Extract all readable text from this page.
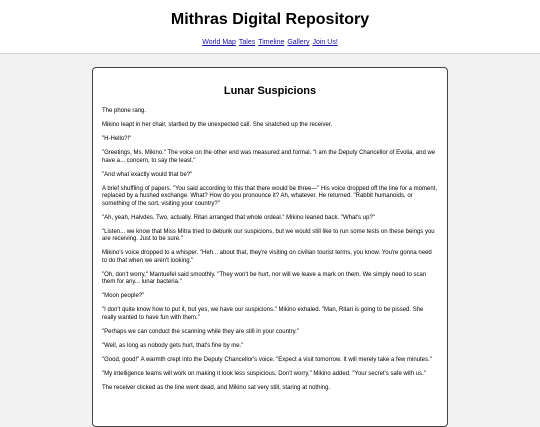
Mithras Digital Repository
World Map Tales Timeline Gallery Join Us!
Lunar Suspicions

The phone rang.

Mikino leapt in her chair, startled by the unexpected call. She snatched up the receiver.

"H-Hello?!"

"Greetings, Ms. Mikino." The voice on the other end was measured and formal. "I am the Deputy Chancellor of Evolia, and we have a... concern, to say the least."

"And what exactly would that be?"

A brief shuffling of papers. "You said according to this that there would be three—" His voice dropped off the line for a moment, replaced by a hushed exchange. What? How do you pronounce it? Ah, whatever. He returned. "Rabbit humanoids, or something of the sort, visiting your country?"

"Ah, yeah, Halvdes. Two, actually. Ritari arranged that whole ordeal." Mikino leaned back. "What's up?"

"Listen... we know that Miss Mitra tried to debunk our suspicions, but we would still like to run some tests on these beings you are receiving. Just to be sure."

Mikino's voice dropped to a whisper. "Heh... about that, they're visiting on civilian tourist terms, you know. You're gonna need to do that when we aren't looking."

"Oh, don't worry," Mantuefel said smoothly. "They won't be hurt, nor will we leave a mark on them. We simply need to scan them for any... lunar bacteria."

"Moon people?"

"I don't quite know how to put it, but yes, we have our suspicions." Mikino exhaled. "Man, Ritari is going to be pissed. She really wanted to have fun with them."

"Perhaps we can conduct the scanning while they are still in your country."

"Well, as long as nobody gets hurt, that's fine by me."

"Good, good!" A warmth crept into the Deputy Chancellor's voice. "Expect a visit tomorrow. It will merely take a few minutes."

"My intelligence teams will work on making it look less suspicious. Don't worry," Mikino added. "Your secret's safe with us."

The receiver clicked as the line went dead, and Mikino sat very still, staring at nothing.
